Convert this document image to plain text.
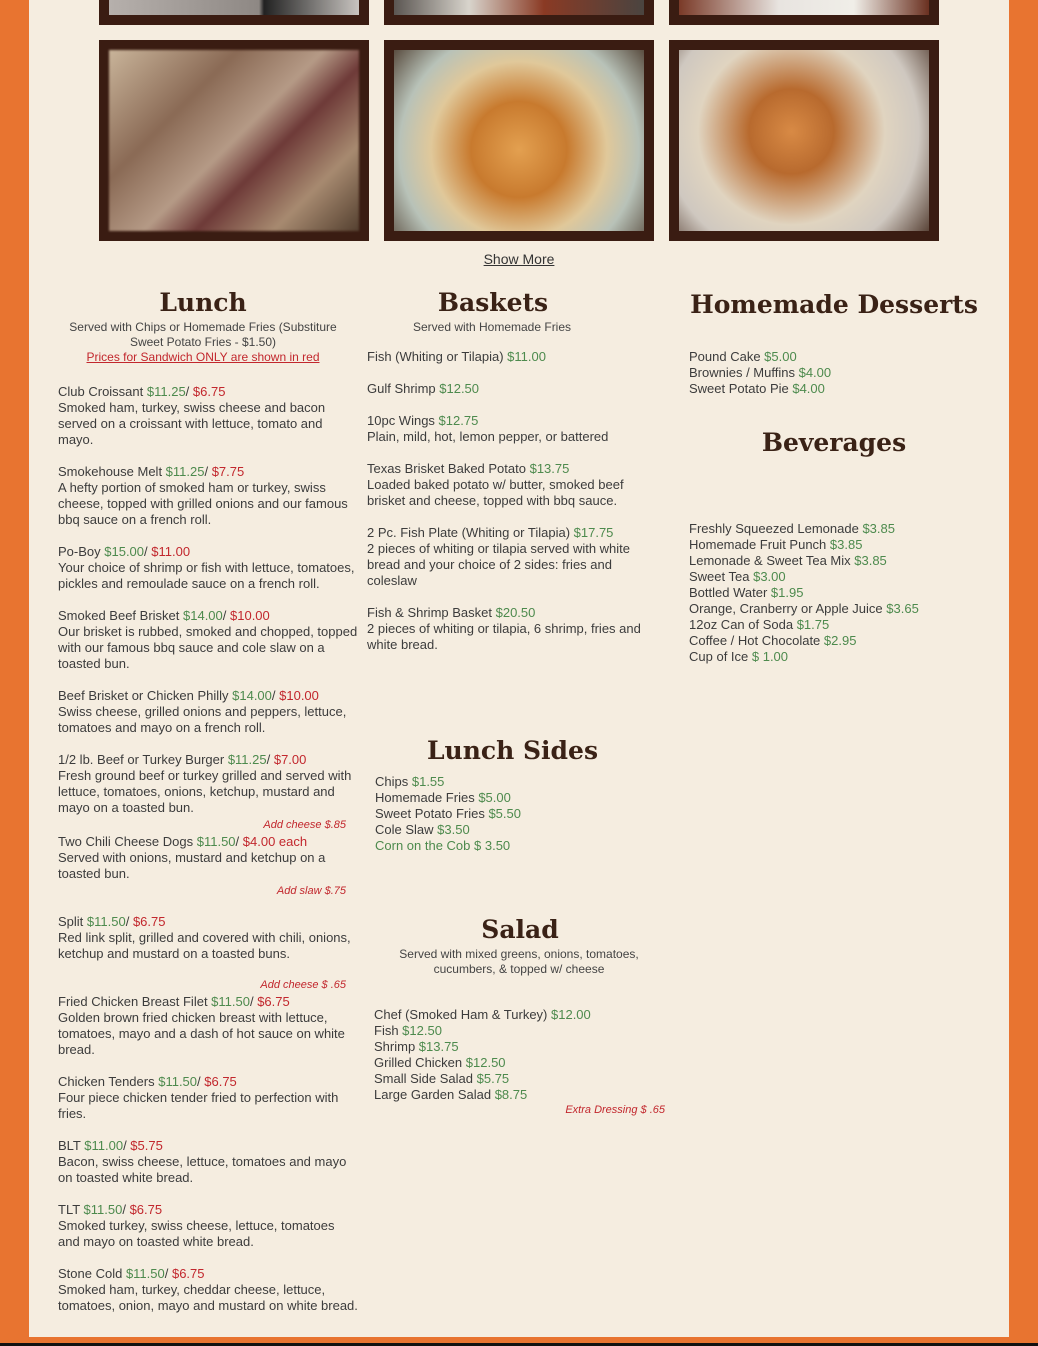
Show More
Lunch
Served with Chips or Homemade Fries (Substiture Sweet Potato Fries - $1.50)
Prices for Sandwich ONLY are shown in red
Club Croissant $11.25/ $6.75
Smoked ham, turkey, swiss cheese and bacon served on a croissant with lettuce, tomato and mayo.
Smokehouse Melt $11.25/ $7.75
A hefty portion of smoked ham or turkey, swiss cheese, topped with grilled onions and our famous bbq sauce on a french roll.
Po-Boy $15.00/ $11.00
Your choice of shrimp or fish with lettuce, tomatoes, pickles and remoulade sauce on a french roll.
Smoked Beef Brisket $14.00/ $10.00
Our brisket is rubbed, smoked and chopped, topped with our famous bbq sauce and cole slaw on a toasted bun.
Beef Brisket or Chicken Philly $14.00/ $10.00
Swiss cheese, grilled onions and peppers, lettuce, tomatoes and mayo on a french roll.
1/2 lb. Beef or Turkey Burger $11.25/ $7.00
Fresh ground beef or turkey grilled and served with lettuce, tomatoes, onions, ketchup, mustard and mayo on a toasted bun.
Add cheese $.85
Two Chili Cheese Dogs $11.50/ $4.00 each
Served with onions, mustard and ketchup on a toasted bun.
Add slaw $.75
Split $11.50/ $6.75
Red link split, grilled and covered with chili, onions, ketchup and mustard on a toasted buns.
Add cheese $ .65
Fried Chicken Breast Filet $11.50/ $6.75
Golden brown fried chicken breast with lettuce, tomatoes, mayo and a dash of hot sauce on white bread.
Chicken Tenders $11.50/ $6.75
Four piece chicken tender fried to perfection with fries.
BLT $11.00/ $5.75
Bacon, swiss cheese, lettuce, tomatoes and mayo on toasted white bread.
TLT $11.50/ $6.75
Smoked turkey, swiss cheese, lettuce, tomatoes and mayo on toasted white bread.
Stone Cold $11.50/ $6.75
Smoked ham, turkey, cheddar cheese, lettuce, tomatoes, onion, mayo and mustard on white bread.
Baskets
Served with Homemade Fries
Fish (Whiting or Tilapia) $11.00
Gulf Shrimp $12.50
10pc Wings $12.75
Plain, mild, hot, lemon pepper, or battered
Texas Brisket Baked Potato $13.75
Loaded baked potato w/ butter, smoked beef brisket and cheese, topped with bbq sauce.
2 Pc. Fish Plate (Whiting or Tilapia) $17.75
2 pieces of whiting or tilapia served with white bread and your choice of 2 sides: fries and coleslaw
Fish & Shrimp Basket $20.50
2 pieces of whiting or tilapia, 6 shrimp, fries and white bread.
Lunch Sides
Chips $1.55
Homemade Fries $5.00
Sweet Potato Fries $5.50
Cole Slaw $3.50
Corn on the Cob $ 3.50
Salad
Served with mixed greens, onions, tomatoes, cucumbers, & topped w/ cheese
Chef (Smoked Ham & Turkey) $12.00
Fish $12.50
Shrimp $13.75
Grilled Chicken $12.50
Small Side Salad $5.75
Large Garden Salad $8.75
Extra Dressing $ .65
Homemade Desserts
Pound Cake $5.00
Brownies / Muffins $4.00
Sweet Potato Pie $4.00
Beverages
Freshly Squeezed Lemonade $3.85
Homemade Fruit Punch $3.85
Lemonade & Sweet Tea Mix $3.85
Sweet Tea $3.00
Bottled Water $1.95
Orange, Cranberry or Apple Juice $3.65
12oz Can of Soda $1.75
Coffee / Hot Chocolate $2.95
Cup of Ice $ 1.00
